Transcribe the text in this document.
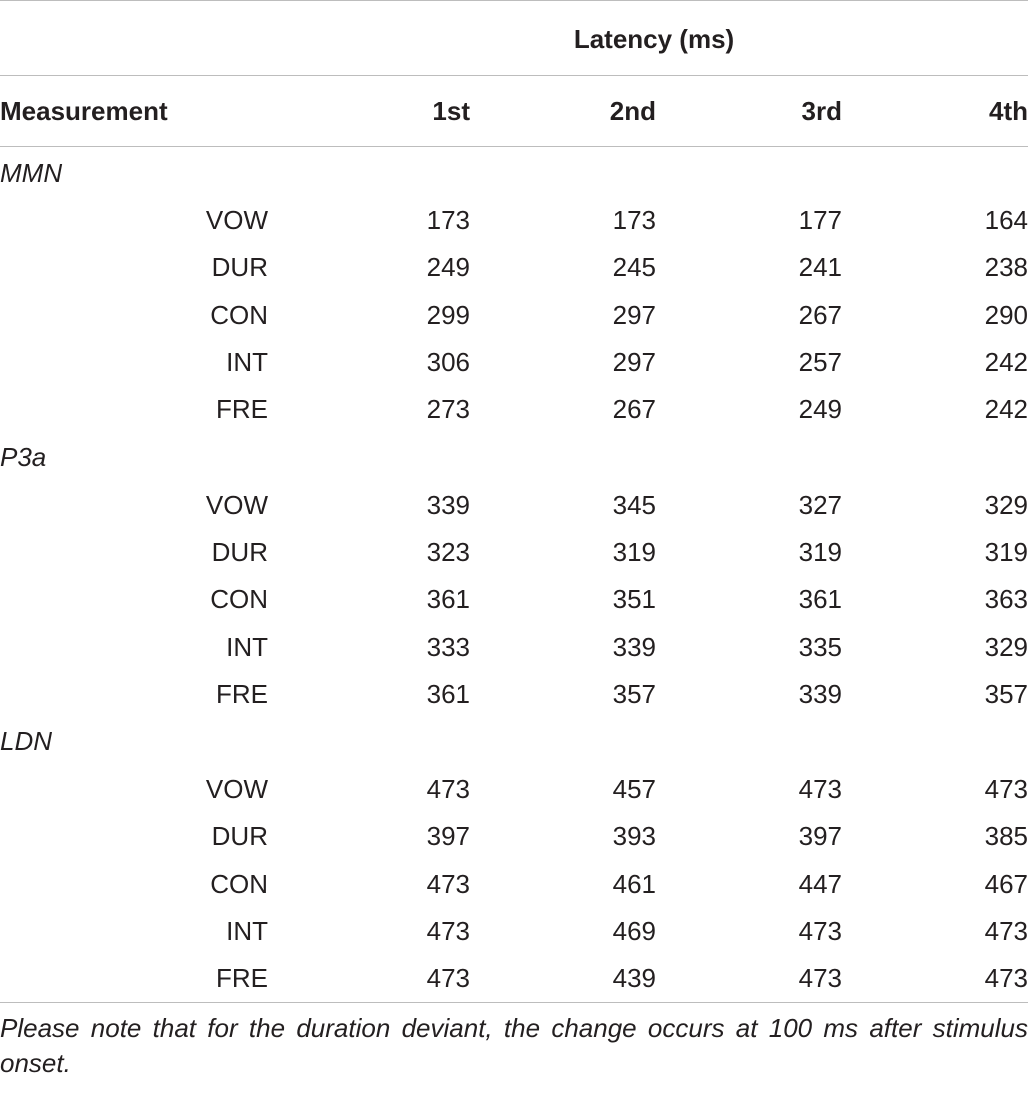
		Latency (ms)			
Measurement		1st	2nd	3rd	4th
MMN					
	VOW	173	173	177	164
	DUR	249	245	241	238
	CON	299	297	267	290
	INT	306	297	257	242
	FRE	273	267	249	242
P3a					
	VOW	339	345	327	329
	DUR	323	319	319	319
	CON	361	351	361	363
	INT	333	339	335	329
	FRE	361	357	339	357
LDN					
	VOW	473	457	473	473
	DUR	397	393	397	385
	CON	473	461	447	467
	INT	473	469	473	473
	FRE	473	439	473	473
Please note that for the duration deviant, the change occurs at 100 ms after stimulus onset.
